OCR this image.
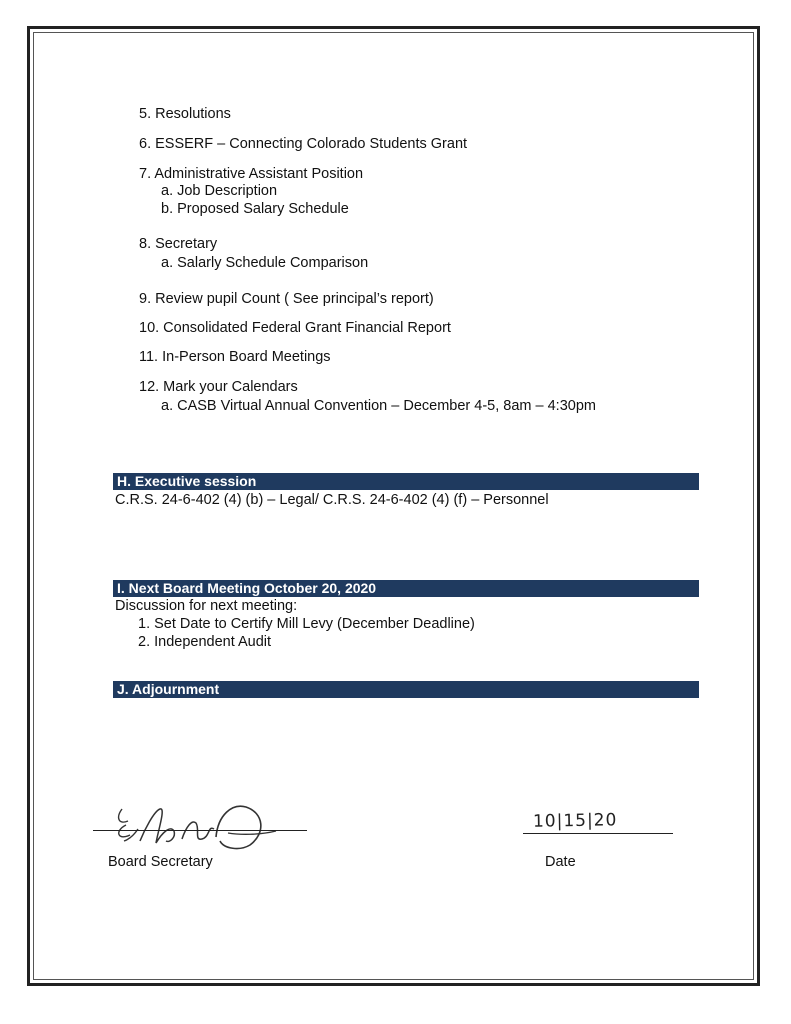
5. Resolutions
6. ESSERF – Connecting Colorado Students Grant
7. Administrative Assistant Position
a. Job Description
b. Proposed Salary Schedule
8. Secretary
a. Salarly Schedule Comparison
9. Review pupil Count ( See principal’s report)
10. Consolidated Federal Grant Financial Report
11. In-Person Board Meetings
12. Mark your Calendars
a. CASB Virtual Annual Convention – December 4-5, 8am – 4:30pm
H. Executive session
C.R.S. 24-6-402 (4) (b) – Legal/ C.R.S. 24-6-402 (4) (f) – Personnel
I. Next Board Meeting October 20, 2020
Discussion for next meeting:
1. Set Date to Certify Mill Levy (December Deadline)
2. Independent Audit
J. Adjournment
Board Secretary
10|15|20
Date
